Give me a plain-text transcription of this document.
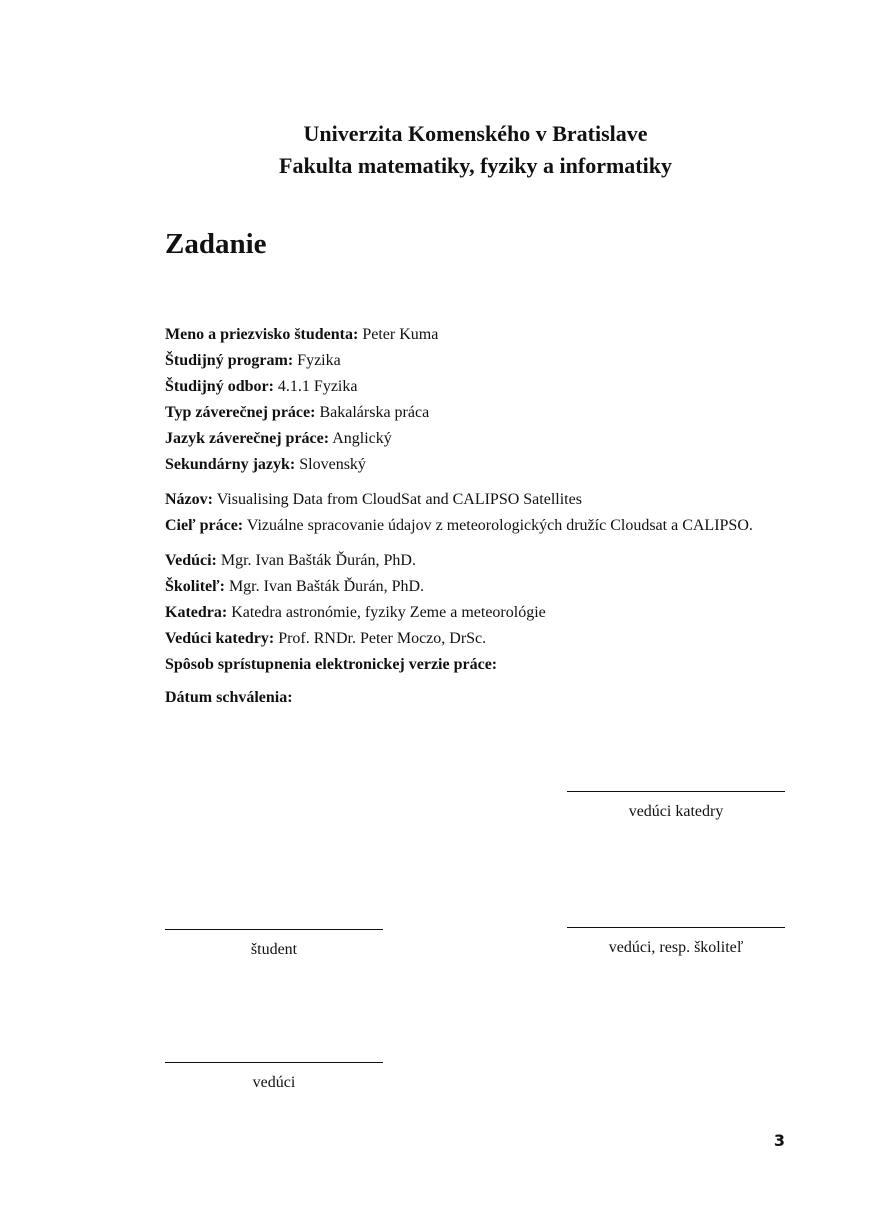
Univerzita Komenského v Bratislave
Fakulta matematiky, fyziky a informatiky
Zadanie
Meno a priezvisko študenta: Peter Kuma
Študijný program: Fyzika
Študijný odbor: 4.1.1 Fyzika
Typ záverečnej práce: Bakalárska práca
Jazyk záverečnej práce: Anglický
Sekundárny jazyk: Slovenský
Názov: Visualising Data from CloudSat and CALIPSO Satellites
Cieľ práce: Vizuálne spracovanie údajov z meteorologických družíc Cloudsat a CALIPSO.
Vedúci: Mgr. Ivan Bašták Ďurán, PhD.
Školiteľ: Mgr. Ivan Bašták Ďurán, PhD.
Katedra: Katedra astronómie, fyziky Zeme a meteorológie
Vedúci katedry: Prof. RNDr. Peter Moczo, DrSc.
Spôsob sprístupnenia elektronickej verzie práce:
Dátum schválenia:
vedúci katedry
študent	vedúci, resp. školiteľ
vedúci
3
